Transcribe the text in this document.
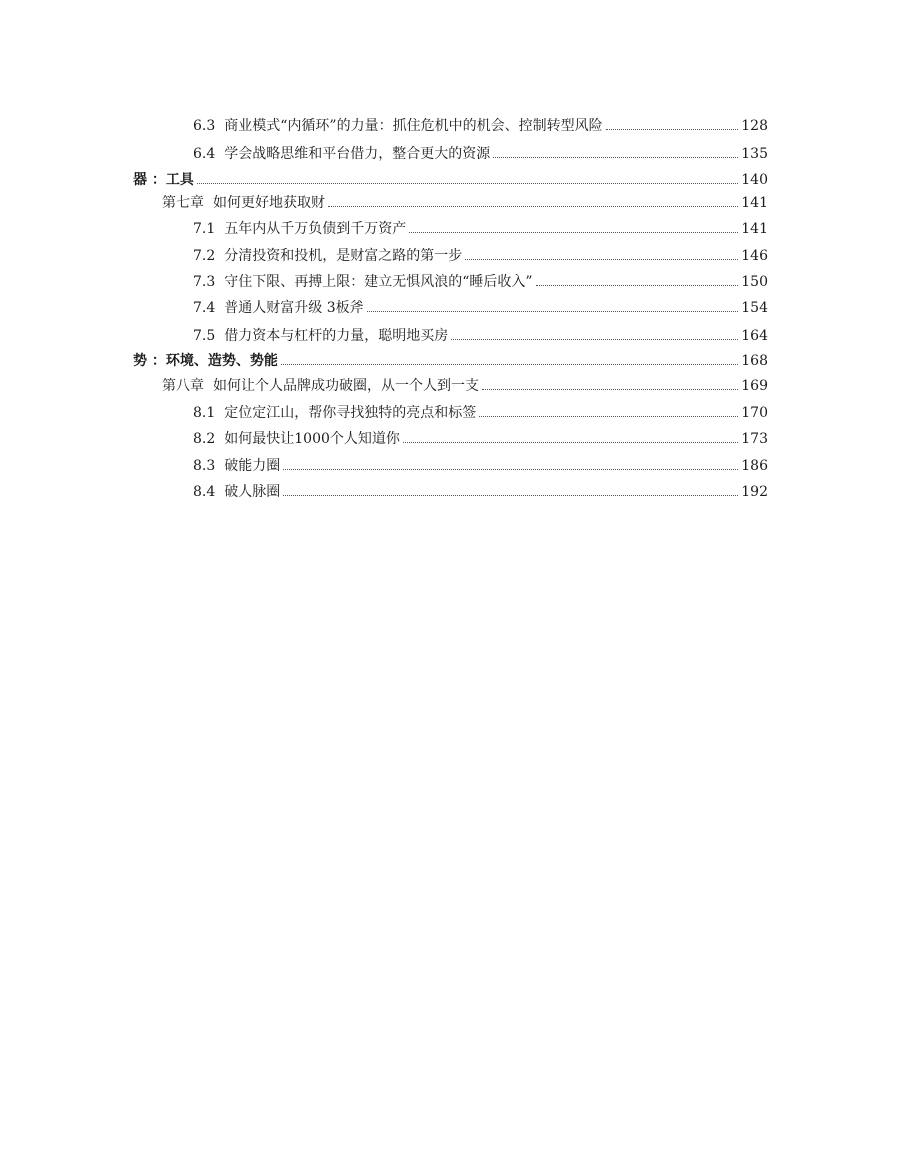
6.3 商业模式“内循环”的力量：抓住危机中的机会、控制转型风险	128
6.4 学会战略思维和平台借力，整合更大的资源	135
器 ：工具	140
第七章 如何更好地获取财	141
7.1 五年内从千万负债到千万资产	141
7.2 分清投资和投机，是财富之路的第一步	146
7.3 守住下限、再搏上限：建立无惧风浪的“睡后收入”	150
7.4 普通人财富升级 3板斧	154
7.5 借力资本与杠杆的力量，聪明地买房	164
势 ：环境、造势、势能	168
第八章 如何让个人品牌成功破圈，从一个人到一支	169
8.1 定位定江山，帮你寻找独特的亮点和标签	170
8.2 如何最快让1000个人知道你	173
8.3 破能力圈	186
8.4 破人脉圈	192
